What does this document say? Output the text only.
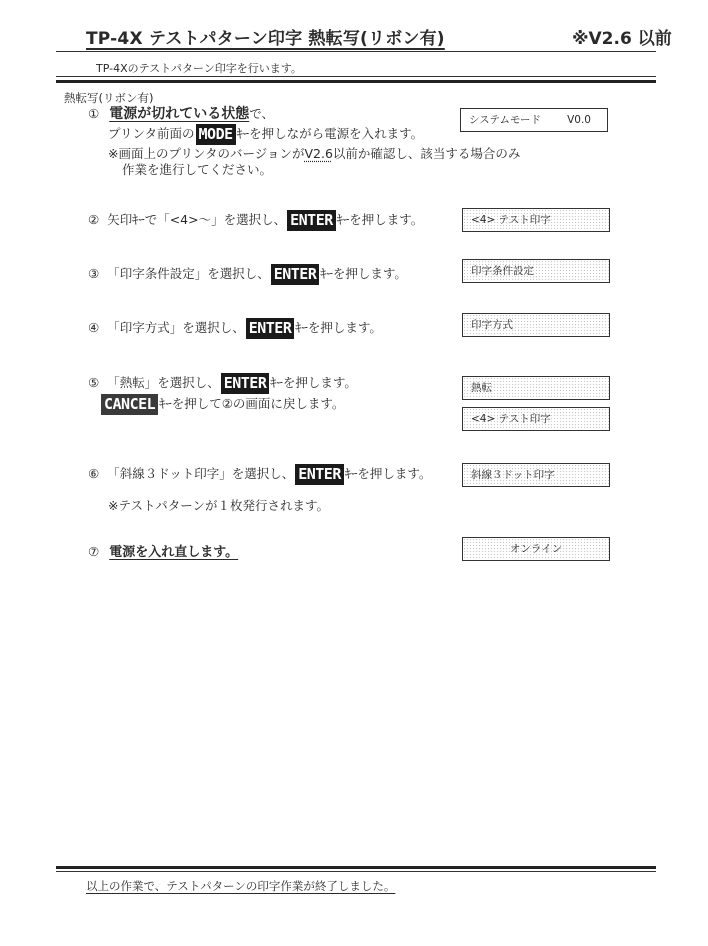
TP-4X テストパターン印字 熱転写(リボン有)	※V2.6 以前
TP-4Xのテストパターン印字を行います。
熱転写(リボン有)
① 電源が切れている状態で、
プリンタ前面の MODE ｷｰを押しながら電源を入れます。
※画面上のプリンタのバージョンがV2.6以前か確認し、該当する場合のみ
作業を進行してください。
システムモード V0.0
② 矢印ｷｰで「<4>～」を選択し、 ENTER ｷｰを押します。	<4> テスト印字
③ 「印字条件設定」を選択し、 ENTER ｷｰを押します。	印字条件設定
④ 「印字方式」を選択し、 ENTER ｷｰを押します。	印字方式
⑤ 「熱転」を選択し、 ENTER ｷｰを押します。
CANCEL ｷｰを押して②の画面に戻します。
熱転
<4> テスト印字
⑥ 「斜線３ドット印字」を選択し、 ENTER ｷｰを押します。
※テストパターンが１枚発行されます。
斜線３ドット印字
⑦ 電源を入れ直します。	オンライン
以上の作業で、テストパターンの印字作業が終了しました。
